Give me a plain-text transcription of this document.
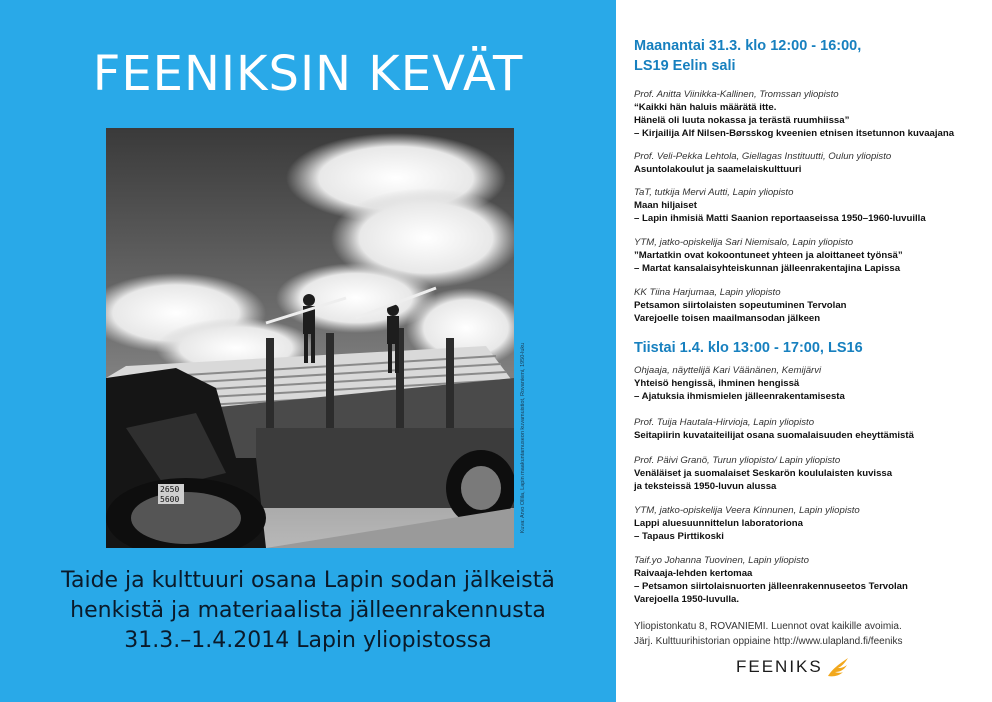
FEENIKSIN KEVÄT
2650
5600	Kuva: Arvo Ollila, Lapin maakuntamuseon kuvamuistiot, Rovaniemi, 1950-luku
Taide ja kulttuuri osana Lapin sodan jälkeistä
henkistä ja materiaalista jälleenrakennusta
31.3.–1.4.2014 Lapin yliopistossa
Maanantai 31.3. klo 12:00 - 16:00,
LS19 Eelin sali
Prof. Anitta Viinikka-Kallinen, Tromssan yliopisto
“Kaikki hän haluis määrätä itte.
Hänelä oli luuta nokassa ja terästä ruumhiissa”
– Kirjailija Alf Nilsen-Børsskog kveenien etnisen itsetunnon kuvaajana
Prof. Veli-Pekka Lehtola, Giellagas Instituutti, Oulun yliopisto
Asuntolakoulut ja saamelaiskulttuuri
TaT, tutkija Mervi Autti, Lapin yliopisto
Maan hiljaiset
– Lapin ihmisiä Matti Saanion reportaaseissa 1950–1960-luvuilla
YTM, jatko-opiskelija Sari Niemisalo, Lapin yliopisto
”Martatkin ovat kokoontuneet yhteen ja aloittaneet työnsä”
– Martat kansalaisyhteiskunnan jälleenrakentajina Lapissa
KK Tiina Harjumaa, Lapin yliopisto
Petsamon siirtolaisten sopeutuminen Tervolan
Varejoelle toisen maailmansodan jälkeen
Tiistai 1.4. klo 13:00 - 17:00, LS16
Ohjaaja, näyttelijä Kari Väänänen, Kemijärvi
Yhteisö hengissä, ihminen hengissä
– Ajatuksia ihmismielen jälleenrakentamisesta
Prof. Tuija Hautala-Hirvioja, Lapin yliopisto
Seitapiirin kuvataiteilijat osana suomalaisuuden eheyttämistä
Prof. Päivi Granö, Turun yliopisto/ Lapin yliopisto
Venäläiset ja suomalaiset Seskarön koululaisten kuvissa
ja teksteissä 1950-luvun alussa
YTM, jatko-opiskelija Veera Kinnunen, Lapin yliopisto
Lappi aluesuunnittelun laboratoriona
– Tapaus Pirttikoski
Taif.yo Johanna Tuovinen, Lapin yliopisto
Raivaaja-lehden kertomaa
– Petsamon siirtolaisnuorten jälleenrakennuseetos Tervolan
Varejoella 1950-luvulla.
Yliopistonkatu 8, ROVANIEMI. Luennot ovat kaikille avoimia.
Järj. Kulttuurihistorian oppiaine http://www.ulapland.fi/feeniks
FEENIKS
